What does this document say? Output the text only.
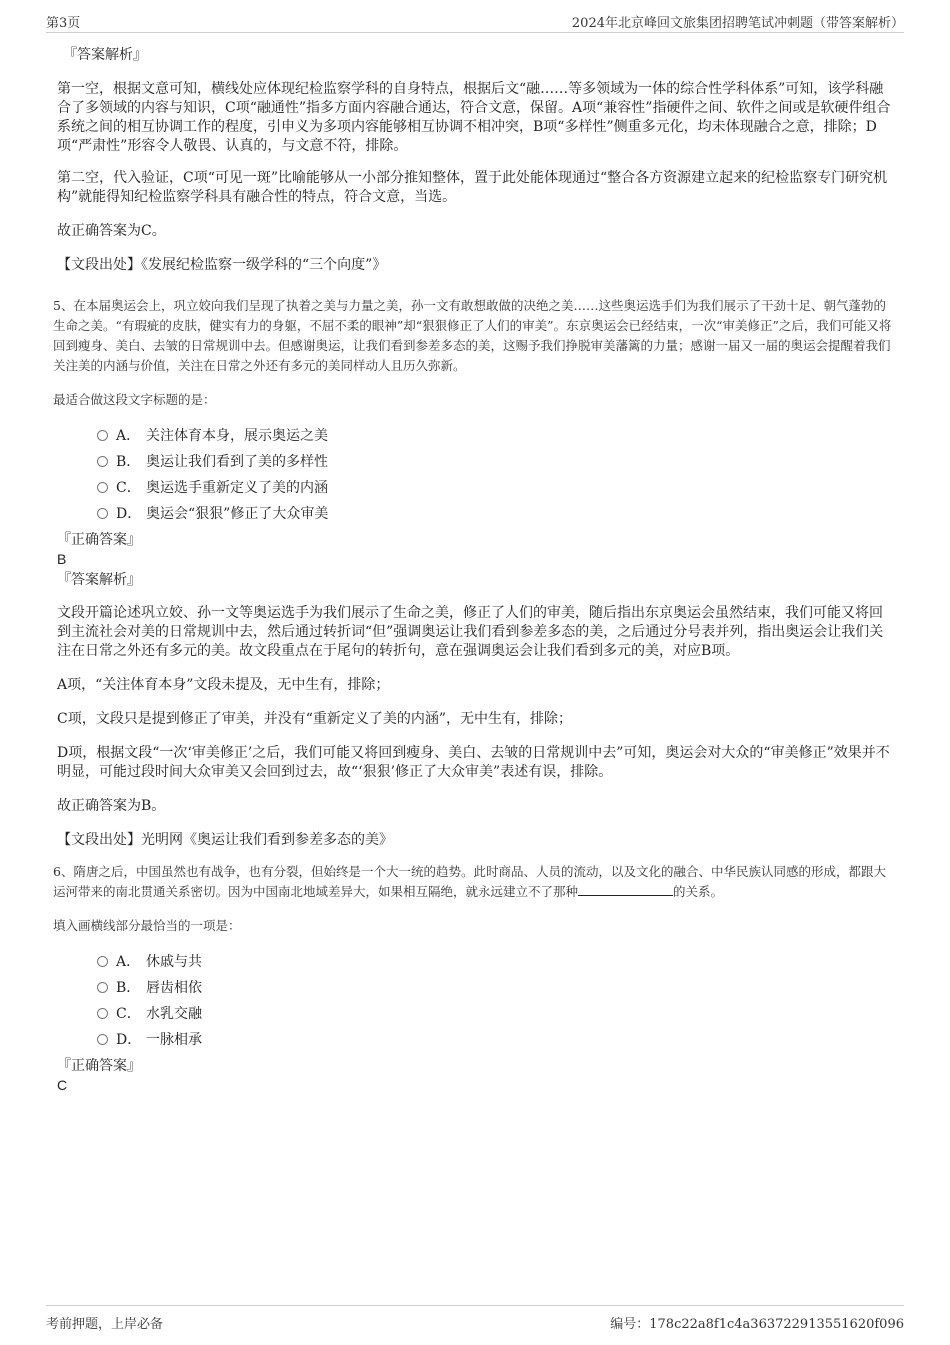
第3页	2024年北京峰回文旅集团招聘笔试冲刺题（带答案解析）

『答案解析』

第一空，根据文意可知，横线处应体现纪检监察学科的自身特点，根据后文“融……等多领域为一体的综合性学科体系”可知，该学科融合了多领域的内容与知识，C项“融通性”指多方面内容融合通达，符合文意，保留。A项“兼容性”指硬件之间、软件之间或是软硬件组合系统之间的相互协调工作的程度，引申义为多项内容能够相互协调不相冲突，B项“多样性”侧重多元化，均未体现融合之意，排除；D项“严肃性”形容令人敬畏、认真的，与文意不符，排除。

第二空，代入验证，C项“可见一斑”比喻能够从一小部分推知整体，置于此处能体现通过“整合各方资源建立起来的纪检监察专门研究机构”就能得知纪检监察学科具有融合性的特点，符合文意，当选。

故正确答案为C。

【文段出处】《发展纪检监察一级学科的“三个向度”》

5、在本届奥运会上，巩立姣向我们呈现了执着之美与力量之美，孙一文有敢想敢做的决绝之美……这些奥运选手们为我们展示了干劲十足、朝气蓬勃的生命之美。“有瑕疵的皮肤，健实有力的身躯，不屈不柔的眼神”却“狠狠修正了人们的审美”。东京奥运会已经结束，一次“审美修正”之后，我们可能又将回到瘦身、美白、去皱的日常规训中去。但感谢奥运，让我们看到参差多态的美，这赐予我们挣脱审美藩篱的力量；感谢一届又一届的奥运会提醒着我们关注美的内涵与价值，关注在日常之外还有多元的美同样动人且历久弥新。

最适合做这段文字标题的是：

A． 关注体育本身，展示奥运之美
B． 奥运让我们看到了美的多样性
C． 奥运选手重新定义了美的内涵
D． 奥运会“狠狠”修正了大众审美

『正确答案』

B

『答案解析』

文段开篇论述巩立姣、孙一文等奥运选手为我们展示了生命之美，修正了人们的审美，随后指出东京奥运会虽然结束，我们可能又将回到主流社会对美的日常规训中去，然后通过转折词“但”强调奥运让我们看到参差多态的美，之后通过分号表并列，指出奥运会让我们关注在日常之外还有多元的美。故文段重点在于尾句的转折句，意在强调奥运会让我们看到多元的美，对应B项。

A项，“关注体育本身”文段未提及，无中生有，排除；

C项，文段只是提到修正了审美，并没有“重新定义了美的内涵”，无中生有，排除；

D项，根据文段“一次‘审美修正’之后，我们可能又将回到瘦身、美白、去皱的日常规训中去”可知，奥运会对大众的“审美修正”效果并不明显，可能过段时间大众审美又会回到过去，故“‘狠狠’修正了大众审美”表述有误，排除。

故正确答案为B。

【文段出处】光明网《奥运让我们看到参差多态的美》

6、隋唐之后，中国虽然也有战争，也有分裂，但始终是一个大一统的趋势。此时商品、人员的流动，以及文化的融合、中华民族认同感的形成，都跟大运河带来的南北贯通关系密切。因为中国南北地域差异大，如果相互隔绝，就永远建立不了那种	的关系。

填入画横线部分最恰当的一项是：

A． 休戚与共
B． 唇齿相依
C． 水乳交融
D． 一脉相承

『正确答案』

C

考前押题，上岸必备	编号：178c22a8f1c4a363722913551620f096
